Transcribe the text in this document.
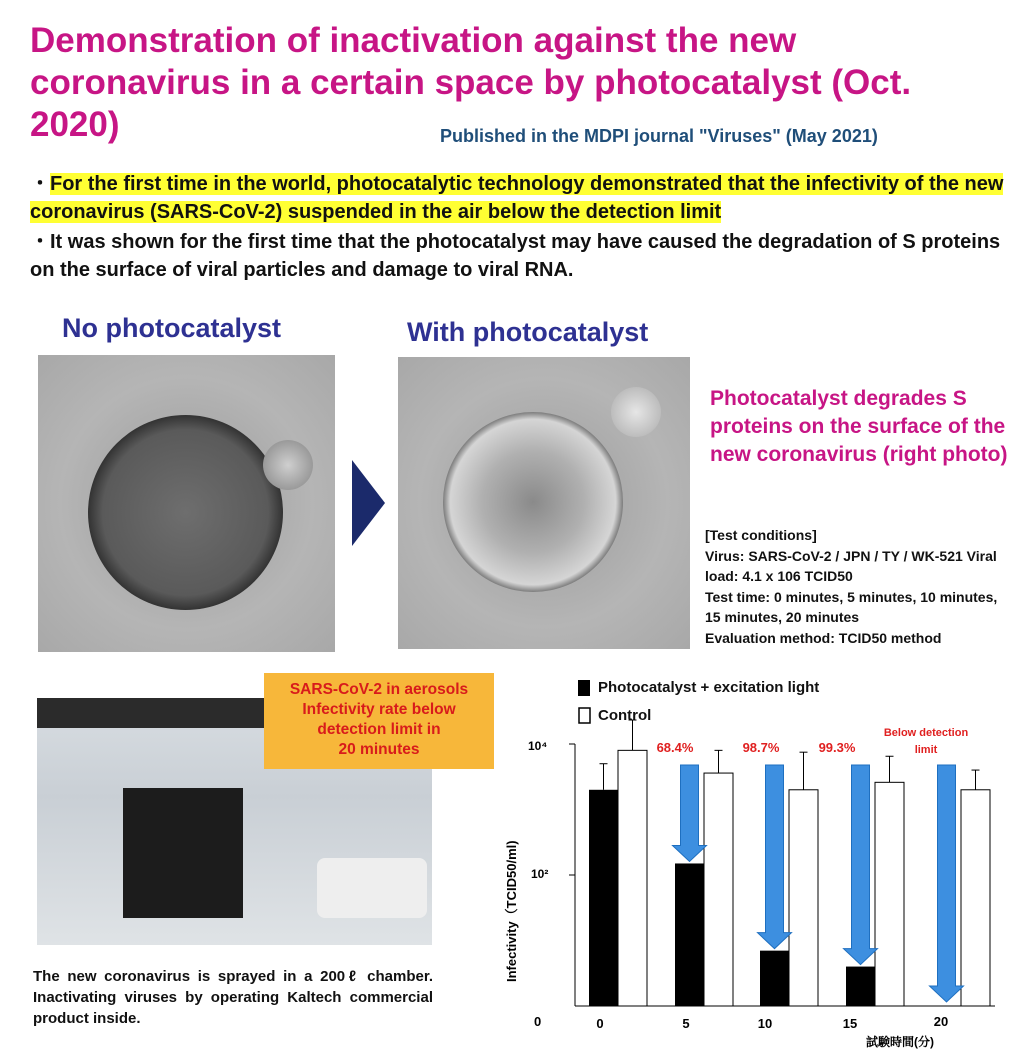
Demonstration of inactivation against the new coronavirus in a certain space by photocatalyst (Oct. 2020)	Published in the MDPI journal "Viruses" (May 2021)
・For the first time in the world, photocatalytic technology demonstrated that the infectivity of the new coronavirus (SARS-CoV-2) suspended in the air below the detection limit
・It was shown for the first time that the photocatalyst may have caused the degradation of S proteins on the surface of viral particles and damage to viral RNA.
No photocatalyst	With photocatalyst
Photocatalyst degrades S proteins on the surface of the new coronavirus (right photo)
[Test conditions]
Virus: SARS-CoV-2 / JPN / TY / WK-521 Viral load: 4.1 x 106 TCID50
Test time: 0 minutes, 5 minutes, 10 minutes, 15 minutes, 20 minutes
Evaluation method: TCID50 method
SARS-CoV-2 in aerosols
Infectivity rate below
detection limit in
20 minutes
The new coronavirus is sprayed in a 200ℓ chamber. Inactivating viruses by operating Kaltech commercial product inside.
Photocatalyst + excitation light
Control
10⁴
10²
0
Infectivity（TCID50/ml)
0	5	10	15	20
試験時間(分)
68.4%	98.7%	99.3%
Below detection limit
